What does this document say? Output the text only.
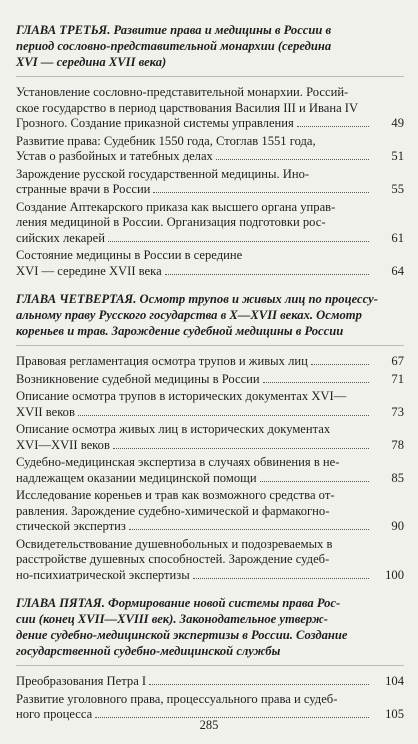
ГЛАВА ТРЕТЬЯ. Развитие права и медицины в России в
период сословно-представительной монархии (середина
XVI — середина XVII века)
Установление сословно-представительной монархии. Россий-
ское государство в период царствования Василия III и Ивана IV
Грозного. Создание приказной системы управления	49
Развитие права: Судебник 1550 года, Стоглав 1551 года,
Устав о разбойных и татебных делах	51
Зарождение русской государственной медицины. Ино-
странные врачи в России	55
Создание Аптекарского приказа как высшего органа управ-
ления медициной в России. Организация подготовки рос-
сийских лекарей	61
Состояние медицины в России в середине
XVI — середине XVII века	64
ГЛАВА ЧЕТВЕРТАЯ. Осмотр трупов и живых лиц по процессу-
альному праву Русского государства в X—XVII веках. Осмотр
кореньев и трав. Зарождение судебной медицины в России
Правовая регламентация осмотра трупов и живых лиц	67
Возникновение судебной медицины в России	71
Описание осмотра трупов в исторических документах XVI—
XVII веков	73
Описание осмотра живых лиц в исторических документах
XVI—XVII веков	78
Судебно-медицинская экспертиза в случаях обвинения в не-
надлежащем оказании медицинской помощи	85
Исследование кореньев и трав как возможного средства от-
равления. Зарождение судебно-химической и фармакогно-
стической экспертиз	90
Освидетельствование душевнобольных и подозреваемых в
расстройстве душевных способностей. Зарождение судеб-
но-психиатрической экспертизы	100
ГЛАВА ПЯТАЯ. Формирование новой системы права Рос-
сии (конец XVII—XVIII век). Законодательное утверж-
дение судебно-медицинской экспертизы в России. Создание
государственной судебно-медицинской службы
Преобразования Петра I	104
Развитие уголовного права, процессуального права и судеб-
ного процесса	105
285
